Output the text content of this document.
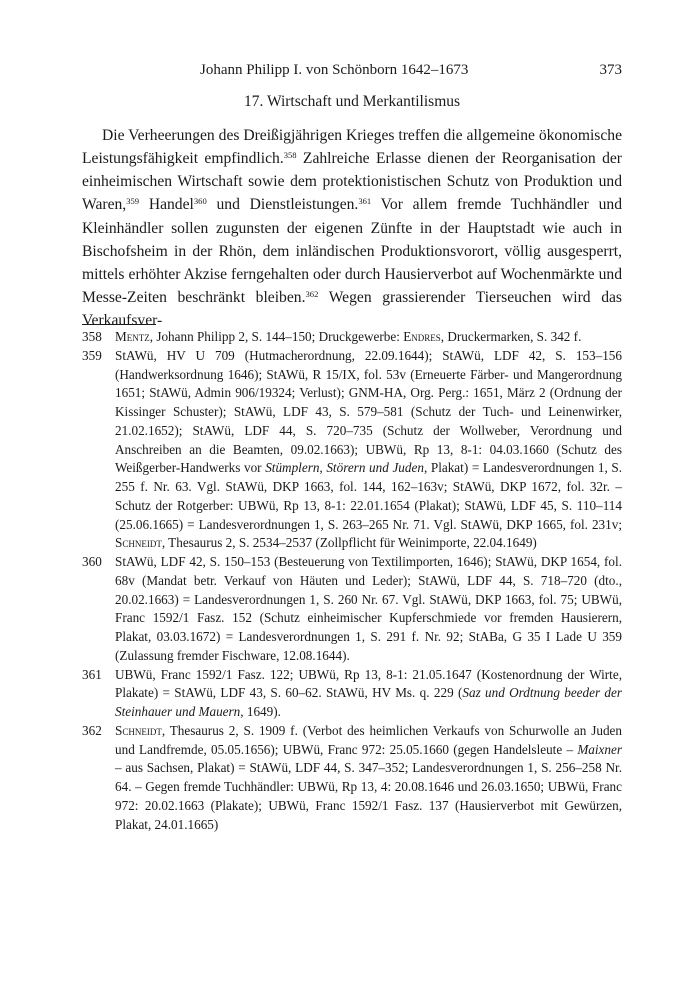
Johann Philipp I. von Schönborn 1642–1673	373
17. Wirtschaft und Merkantilismus

Die Verheerungen des Dreißigjährigen Krieges treffen die allgemeine ökonomische Leistungsfähigkeit empfindlich.$^{358}$ Zahlreiche Erlasse dienen der Reorganisation der einheimischen Wirtschaft sowie dem protektionistischen Schutz von Produktion und Waren,$^{359}$ Handel$^{360}$ und Dienstleistungen.$^{361}$ Vor allem fremde Tuchhändler und Kleinhändler sollen zugunsten der eigenen Zünfte in der Hauptstadt wie auch in Bischofsheim in der Rhön, dem inländischen Produktionsvorort, völlig ausgesperrt, mittels erhöhter Akzise ferngehalten oder durch Hausierverbot auf Wochenmärkte und Messe-Zeiten beschränkt bleiben.$^{362}$ Wegen grassierender Tierseuchen wird das Verkaufsver-

358 Mentz, Johann Philipp 2, S. 144–150; Druckgewerbe: Endres, Druckermarken, S. 342 f.
359 StAWü, HV U 709 (Hutmacherordnung, 22.09.1644); StAWü, LDF 42, S. 153–156 (Handwerksordnung 1646); StAWü, R 15/IX, fol. 53v (Erneuerte Färber- und Mangerordnung 1651; StAWü, Admin 906/19324; Verlust); GNM-HA, Org. Perg.: 1651, März 2 (Ordnung der Kissinger Schuster); StAWü, LDF 43, S. 579–581 (Schutz der Tuch- und Leinenwirker, 21.02.1652); StAWü, LDF 44, S. 720–735 (Schutz der Wollweber, Verordnung und Anschreiben an die Beamten, 09.02.1663); UBWü, Rp 13, 8-1: 04.03.1660 (Schutz des Weißgerber-Handwerks vor Stümplern, Störern und Juden, Plakat) = Landesverordnungen 1, S. 255 f. Nr. 63. Vgl. StAWü, DKP 1663, fol. 144, 162–163v; StAWü, DKP 1672, fol. 32r. – Schutz der Rotgerber: UBWü, Rp 13, 8-1: 22.01.1654 (Plakat); StAWü, LDF 45, S. 110–114 (25.06.1665) = Landesverordnungen 1, S. 263–265 Nr. 71. Vgl. StAWü, DKP 1665, fol. 231v; Schneidt, Thesaurus 2, S. 2534–2537 (Zollpflicht für Weinimporte, 22.04.1649)
360 StAWü, LDF 42, S. 150–153 (Besteuerung von Textilimporten, 1646); StAWü, DKP 1654, fol. 68v (Mandat betr. Verkauf von Häuten und Leder); StAWü, LDF 44, S. 718–720 (dto., 20.02.1663) = Landesverordnungen 1, S. 260 Nr. 67. Vgl. StAWü, DKP 1663, fol. 75; UBWü, Franc 1592/1 Fasz. 152 (Schutz einheimischer Kupferschmiede vor fremden Hausierern, Plakat, 03.03.1672) = Landesverordnungen 1, S. 291 f. Nr. 92; StABa, G 35 I Lade U 359 (Zulassung fremder Fischware, 12.08.1644).
361 UBWü, Franc 1592/1 Fasz. 122; UBWü, Rp 13, 8-1: 21.05.1647 (Kostenordnung der Wirte, Plakate) = StAWü, LDF 43, S. 60–62. StAWü, HV Ms. q. 229 (Saz und Ordtnung beeder der Steinhauer und Mauern, 1649).
362 Schneidt, Thesaurus 2, S. 1909 f. (Verbot des heimlichen Verkaufs von Schurwolle an Juden und Landfremde, 05.05.1656); UBWü, Franc 972: 25.05.1660 (gegen Handelsleute – Maixner – aus Sachsen, Plakat) = StAWü, LDF 44, S. 347–352; Landesverordnungen 1, S. 256–258 Nr. 64. – Gegen fremde Tuchhändler: UBWü, Rp 13, 4: 20.08.1646 und 26.03.1650; UBWü, Franc 972: 20.02.1663 (Plakate); UBWü, Franc 1592/1 Fasz. 137 (Hausierverbot mit Gewürzen, Plakat, 24.01.1665)
